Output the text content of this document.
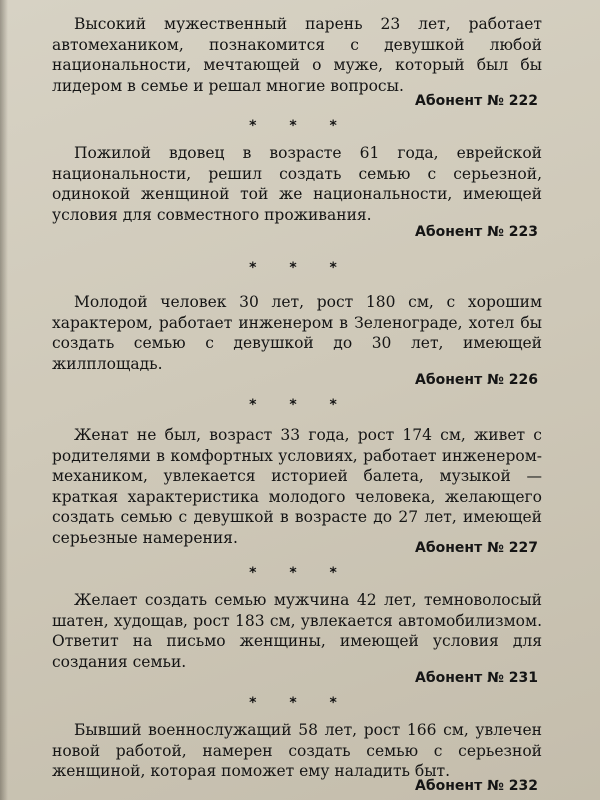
Высокий мужественный парень 23 лет, работает автомехаником, познакомится с девушкой любой национальности, мечтающей о муже, который был бы лидером в семье и решал многие вопросы.

Абонент № 222
* * *

Пожилой вдовец в возрасте 61 года, еврейской национальности, решил создать семью с серьезной, одинокой женщиной той же национальности, имеющей условия для совместного проживания.

Абонент № 223
* * *

Молодой человек 30 лет, рост 180 см, с хорошим характером, работает инженером в Зеленограде, хотел бы создать семью с девушкой до 30 лет, имеющей жилплощадь.

Абонент № 226
* * *

Женат не был, возраст 33 года, рост 174 см, живет с родителями в комфортных условиях, работает инженером-механиком, увлекается историей балета, музыкой — краткая характеристика молодого человека, желающего создать семью с девушкой в возрасте до 27 лет, имеющей серьезные намерения.

Абонент № 227
* * *

Желает создать семью мужчина 42 лет, темноволосый шатен, худощав, рост 183 см, увлекается автомобилизмом. Ответит на письмо женщины, имеющей условия для создания семьи.

Абонент № 231
* * *

Бывший военнослужащий 58 лет, рост 166 см, увлечен новой работой, намерен создать семью с серьезной женщиной, которая поможет ему наладить быт.

Абонент № 232
